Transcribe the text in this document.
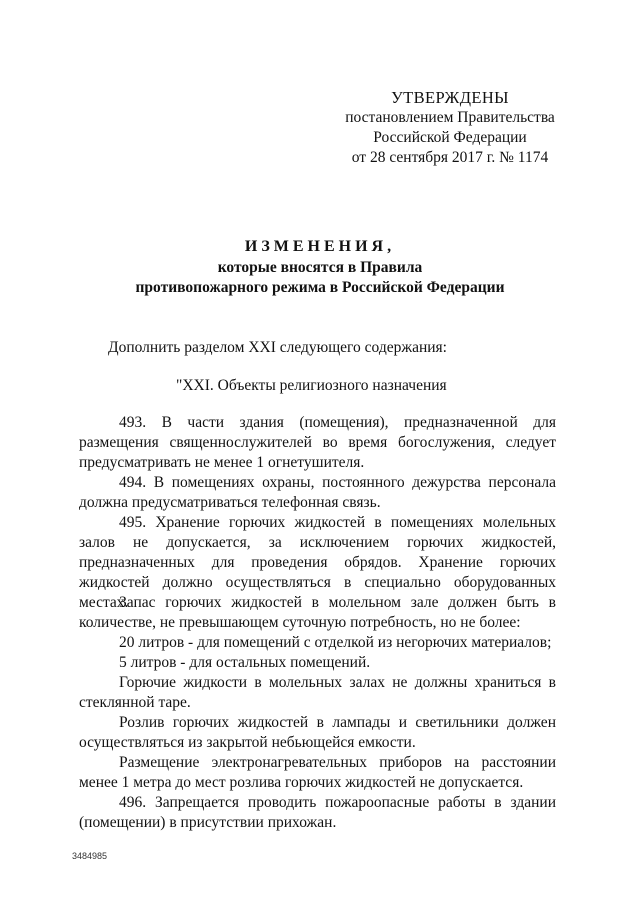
УТВЕРЖДЕНЫ
постановлением Правительства
Российской Федерации
от 28 сентября 2017 г. № 1174
ИЗМЕНЕНИЯ,
которые вносятся в Правила
противопожарного режима в Российской Федерации
Дополнить разделом XXI следующего содержания:
"XXI. Объекты религиозного назначения
493. В части здания (помещения), предназначенной для размещения священнослужителей во время богослужения, следует предусматривать не менее 1 огнетушителя.
494. В помещениях охраны, постоянного дежурства персонала должна предусматриваться телефонная связь.
495. Хранение горючих жидкостей в помещениях молельных залов не допускается, за исключением горючих жидкостей, предназначенных для проведения обрядов. Хранение горючих жидкостей должно осуществляться в специально оборудованных местах.
Запас горючих жидкостей в молельном зале должен быть в количестве, не превышающем суточную потребность, но не более:
20 литров - для помещений с отделкой из негорючих материалов;
5 литров - для остальных помещений.
Горючие жидкости в молельных залах не должны храниться в стеклянной таре.
Розлив горючих жидкостей в лампады и светильники должен осуществляться из закрытой небьющейся емкости.
Размещение электронагревательных приборов на расстоянии менее 1 метра до мест розлива горючих жидкостей не допускается.
496. Запрещается проводить пожароопасные работы в здании (помещении) в присутствии прихожан.
3484985
